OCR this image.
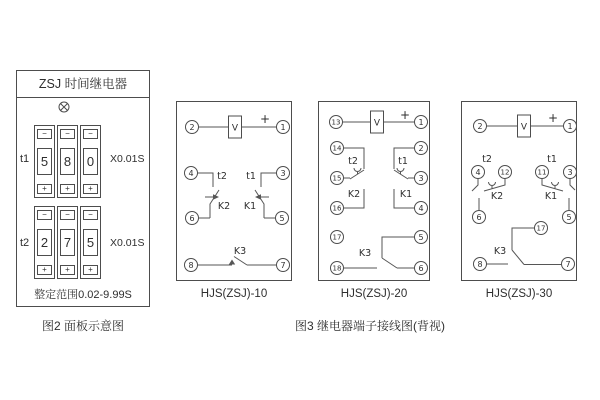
ZSJ 时间继电器
t1
−
5
+
−
8
+
−
0
+
X0.01S
t2
−
2
+
−
7
+
−
5
+
X0.01S
整定范围0.02-9.99S
图2 面板示意图
V
+
2	1
t2
K2
4
6
t1
K1
3
5
K3
8	7
HJS(ZSJ)-10
V
+
13	1
t2
K2
14
15
16
t1
K1
2
3
4
K3
17	5
18	6
HJS(ZSJ)-20
V
+
2	1
t2
K2
4	12
6
t1
K1
11	3
5
K3
17
8	7
HJS(ZSJ)-30
图3 继电器端子接线图(背视)
